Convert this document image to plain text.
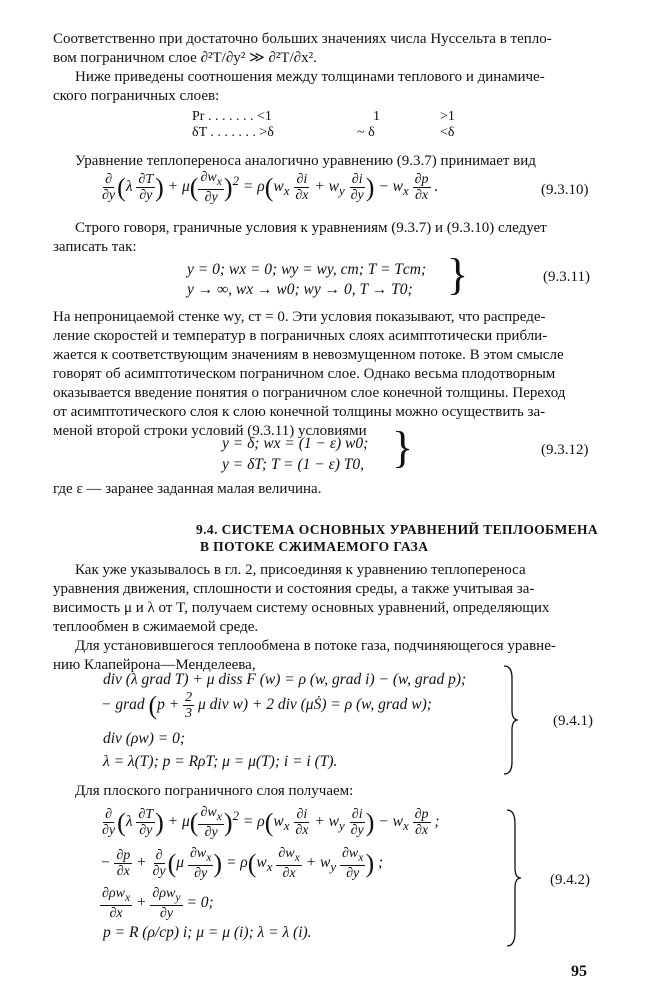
Соответственно при достаточно больших значениях числа Нуссельта в тепло-
вом пограничном слое ∂²T/∂y² ≫ ∂²T/∂x².
Ниже приведены соотношения между толщинами теплового и динамиче-
ского пограничных слоев:
Pr . . . . . . . <1	1	>1
δT . . . . . . . >δ	~ δ	<δ
Уравнение теплопереноса аналогично уравнению (9.3.7) принимает вид
$\frac{\partial}{\partial y} (\lambda \frac{\partial T}{\partial y}$ ) + $\mu( \frac{\partial w_x}{\partial y} )^2 = \rho(w_x \frac{\partial i}{\partial x} + w_y \frac{\partial i}{\partial y}$ ) − $w_x \frac{\partial p}{\partial x}$ .	(9.3.10)
Строго говоря, граничные условия к уравнениям (9.3.7) и (9.3.10) следует
записать так:
y = 0; wx = 0; wy = wy, ст; T = Tст;
y → ∞, wx → w0; wy → 0, T → T0; }	(9.3.11)
На непроницаемой стенке wy, ст = 0. Эти условия показывают, что распреде-
ление скоростей и температур в пограничных слоях асимптотически прибли-
жается к соответствующим значениям в невозмущенном потоке. В этом смысле
говорят об асимптотическом пограничном слое. Однако весьма плодотворным
оказывается введение понятия о пограничном слое конечной толщины. Переход
от асимптотического слоя к слою конечной толщины можно осуществить за-
меной второй строки условий (9.3.11) условиями
y = δ; wx = (1 − ε) w0;
y = δT; T = (1 − ε) T0, }	(9.3.12)
где ε — заранее заданная малая величина.
9.4. СИСТЕМА ОСНОВНЫХ УРАВНЕНИЙ ТЕПЛООБМЕНА
В ПОТОКЕ СЖИМАЕМОГО ГАЗА
Как уже указывалось в гл. 2, присоединяя к уравнению теплопереноса
уравнения движения, сплошности и состояния среды, а также учитывая за-
висимость μ и λ от T, получаем систему основных уравнений, определяющих
теплообмен в сжимаемой среде.
Для установившегося теплообмена в потоке газа, подчиняющегося уравне-
нию Клапейрона—Менделеева,
div (λ grad T) + μ diss F (w) = ρ (w, grad i) − (w, grad p);
− grad ($p + \frac{2}{3}$ μ div w) + 2 div (μṠ) = ρ (w, grad w);
div (ρw) = 0;
λ = λ(T); p = RρT; μ = μ(T); i = i (T).
(9.4.1)
Для плоского пограничного слоя получаем:
$\frac{\partial}{\partial y} (\lambda \frac{\partial T}{\partial y}$ ) + $\mu( \frac{\partial w_x}{\partial y} )^2 = \rho(w_x \frac{\partial i}{\partial x} + w_y \frac{\partial i}{\partial y}$ ) − $w_x \frac{\partial p}{\partial x}$ ;
− $\frac{\partial p}{\partial x} + \frac{\partial}{\partial y} (\mu \frac{\partial w_x}{\partial y}$ ) = $\rho(w_x \frac{\partial w_x}{\partial x} + w_y \frac{\partial w_x}{\partial y}$ ) ;
$\frac{\partial\rho w_x}{\partial x} + \frac{\partial\rho w_y}{\partial y} = 0$;
p = R (ρ/cp) i; μ = μ (i); λ = λ (i).
(9.4.2)
95
